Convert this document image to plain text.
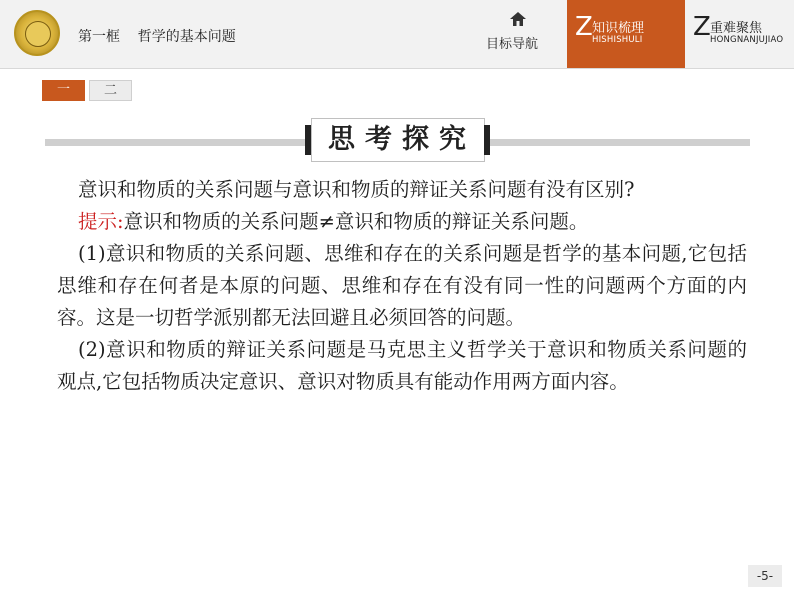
第一框    哲学的基本问题	目标导航
Z 知识梳理
HISHISHULI Z 重难聚焦
HONGNANJUJIAO
一	二
思考探究

意识和物质的关系问题与意识和物质的辩证关系问题有没有区别?

提示:意识和物质的关系问题≠意识和物质的辩证关系问题。

(1)意识和物质的关系问题、思维和存在的关系问题是哲学的基本问题,它包括思维和存在何者是本原的问题、思维和存在有没有同一性的问题两个方面的内容。这是一切哲学派别都无法回避且必须回答的问题。

(2)意识和物质的辩证关系问题是马克思主义哲学关于意识和物质关系问题的观点,它包括物质决定意识、意识对物质具有能动作用两方面内容。

-5-
